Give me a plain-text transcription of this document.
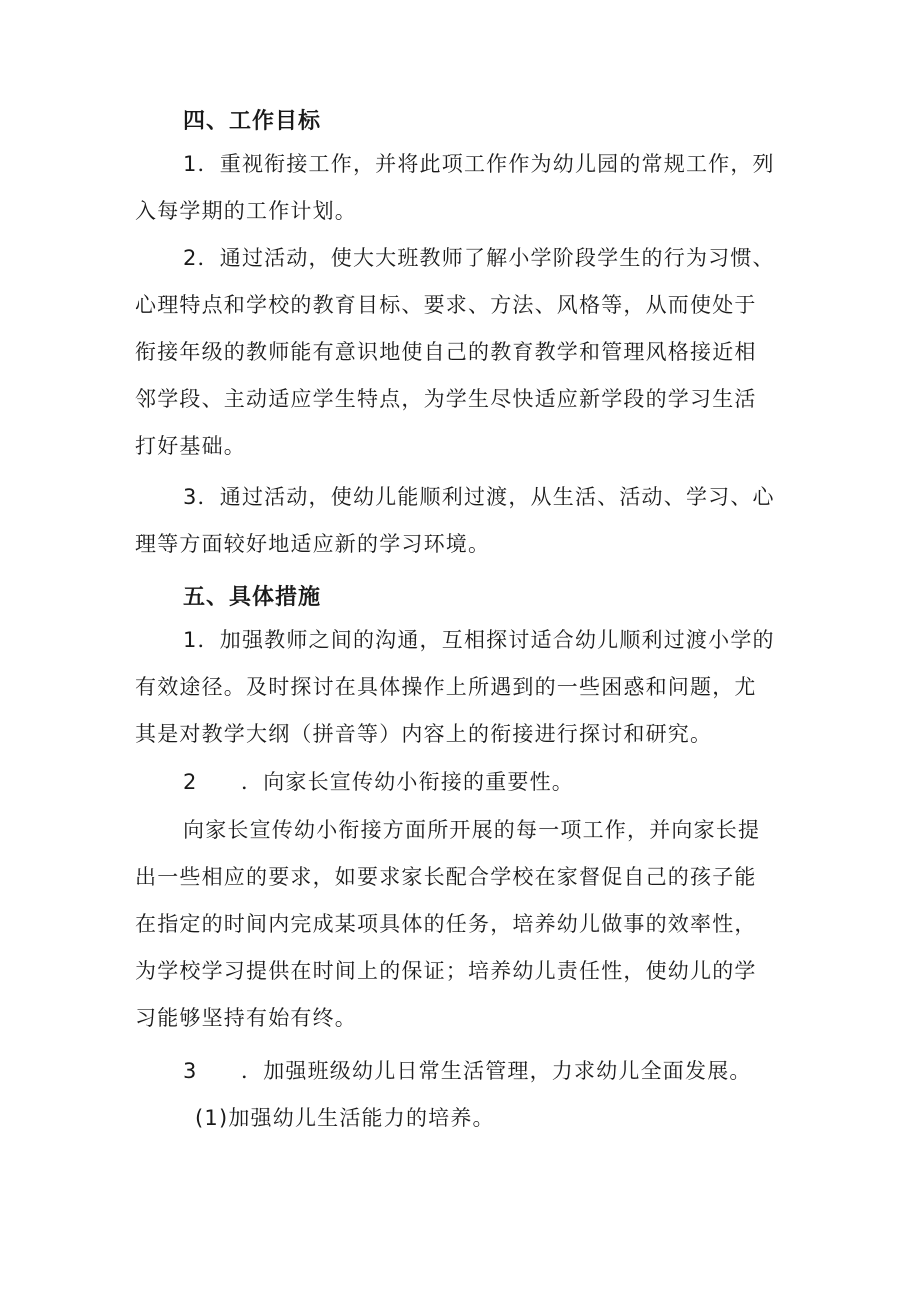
四、工作目标
1．重视衔接工作，并将此项工作作为幼儿园的常规工作，列
入每学期的工作计划。
2．通过活动，使大大班教师了解小学阶段学生的行为习惯、
心理特点和学校的教育目标、要求、方法、风格等，从而使处于
衔接年级的教师能有意识地使自己的教育教学和管理风格接近相
邻学段、主动适应学生特点，为学生尽快适应新学段的学习生活
打好基础。
3．通过活动，使幼儿能顺利过渡，从生活、活动、学习、心
理等方面较好地适应新的学习环境。
五、具体措施
1．加强教师之间的沟通，互相探讨适合幼儿顺利过渡小学的
有效途径。及时探讨在具体操作上所遇到的一些困惑和问题，尤
其是对教学大纲（拼音等）内容上的衔接进行探讨和研究。
2 ．向家长宣传幼小衔接的重要性。
向家长宣传幼小衔接方面所开展的每一项工作，并向家长提
出一些相应的要求，如要求家长配合学校在家督促自己的孩子能
在指定的时间内完成某项具体的任务，培养幼儿做事的效率性，
为学校学习提供在时间上的保证；培养幼儿责任性，使幼儿的学
习能够坚持有始有终。
3 ．加强班级幼儿日常生活管理，力求幼儿全面发展。
(1)加强幼儿生活能力的培养。
